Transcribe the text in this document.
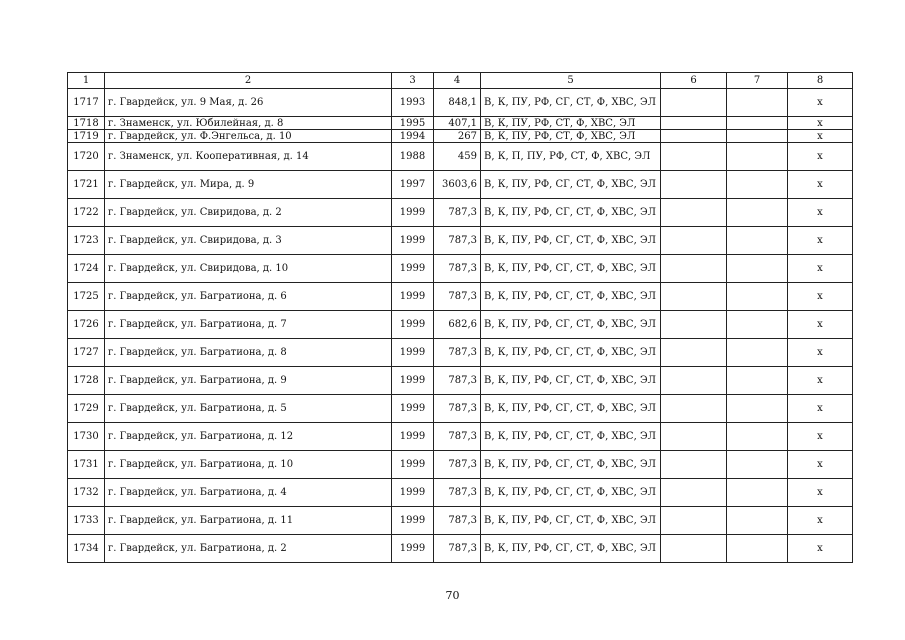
1	2	3	4	5	6	7	8
1717	г. Гвардейск, ул. 9 Мая, д. 26	1993	848,1	В, К, ПУ, РФ, СГ, СТ, Ф, ХВС, ЭЛ			х
1718	г. Знаменск, ул. Юбилейная, д. 8	1995	407,1	В, К, ПУ, РФ, СТ, Ф, ХВС, ЭЛ			х
1719	г. Гвардейск, ул. Ф.Энгельса, д. 10	1994	267	В, К, ПУ, РФ, СТ, Ф, ХВС, ЭЛ			х
1720	г. Знаменск, ул. Кооперативная, д. 14	1988	459	В, К, П, ПУ, РФ, СТ, Ф, ХВС, ЭЛ			х
1721	г. Гвардейск, ул. Мира, д. 9	1997	3603,6	В, К, ПУ, РФ, СГ, СТ, Ф, ХВС, ЭЛ			х
1722	г. Гвардейск, ул. Свиридова, д. 2	1999	787,3	В, К, ПУ, РФ, СГ, СТ, Ф, ХВС, ЭЛ			х
1723	г. Гвардейск, ул. Свиридова, д. 3	1999	787,3	В, К, ПУ, РФ, СГ, СТ, Ф, ХВС, ЭЛ			х
1724	г. Гвардейск, ул. Свиридова, д. 10	1999	787,3	В, К, ПУ, РФ, СГ, СТ, Ф, ХВС, ЭЛ			х
1725	г. Гвардейск, ул. Багратиона, д. 6	1999	787,3	В, К, ПУ, РФ, СГ, СТ, Ф, ХВС, ЭЛ			х
1726	г. Гвардейск, ул. Багратиона, д. 7	1999	682,6	В, К, ПУ, РФ, СГ, СТ, Ф, ХВС, ЭЛ			х
1727	г. Гвардейск, ул. Багратиона, д. 8	1999	787,3	В, К, ПУ, РФ, СГ, СТ, Ф, ХВС, ЭЛ			х
1728	г. Гвардейск, ул. Багратиона, д. 9	1999	787,3	В, К, ПУ, РФ, СГ, СТ, Ф, ХВС, ЭЛ			х
1729	г. Гвардейск, ул. Багратиона, д. 5	1999	787,3	В, К, ПУ, РФ, СГ, СТ, Ф, ХВС, ЭЛ			х
1730	г. Гвардейск, ул. Багратиона, д. 12	1999	787,3	В, К, ПУ, РФ, СГ, СТ, Ф, ХВС, ЭЛ			х
1731	г. Гвардейск, ул. Багратиона, д. 10	1999	787,3	В, К, ПУ, РФ, СГ, СТ, Ф, ХВС, ЭЛ			х
1732	г. Гвардейск, ул. Багратиона, д. 4	1999	787,3	В, К, ПУ, РФ, СГ, СТ, Ф, ХВС, ЭЛ			х
1733	г. Гвардейск, ул. Багратиона, д. 11	1999	787,3	В, К, ПУ, РФ, СГ, СТ, Ф, ХВС, ЭЛ			х
1734	г. Гвардейск, ул. Багратиона, д. 2	1999	787,3	В, К, ПУ, РФ, СГ, СТ, Ф, ХВС, ЭЛ			х
70
